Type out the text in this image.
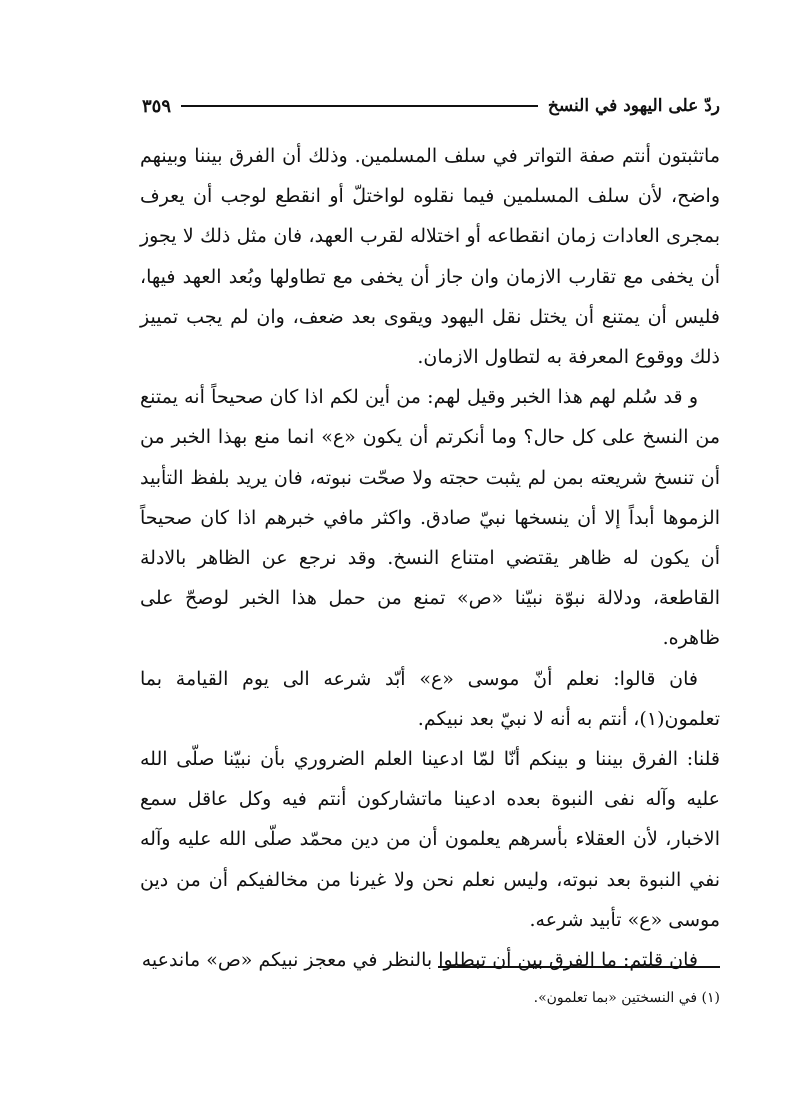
ردّ على اليهود في النسخ
٣٥٩

ماتثبتون أنتم صفة التواتر في سلف المسلمين. وذلك أن الفرق بيننا وبينهم واضح، لأن سلف المسلمين فيما نقلوه لواختلّ أو انقطع لوجب أن يعرف بمجرى العادات زمان انقطاعه أو اختلاله لقرب العهد، فان مثل ذلك لا يجوز أن يخفى مع تقارب الازمان وان جاز أن يخفى مع تطاولها وبُعد العهد فيها، فليس أن يمتنع أن يختل نقل اليهود ويقوى بعد ضعف، وان لم يجب تمييز ذلك ووقوع المعرفة به لتطاول الازمان.

و قد سُلم لهم هذا الخبر وقيل لهم: من أين لكم اذا كان صحيحاً أنه يمتنع من النسخ على كل حال؟ وما أنكرتم أن يكون «ع» انما منع بهذا الخبر من أن تنسخ شريعته بمن لم يثبت حجته ولا صحّت نبوته، فان يريد بلفظ التأبيد الزموها أبداً إلا أن ينسخها نبيّ صادق. واكثر مافي خبرهم اذا كان صحيحاً أن يكون له ظاهر يقتضي امتناع النسخ. وقد نرجع عن الظاهر بالادلة القاطعة، ودلالة نبوّة نبيّنا «ص» تمنع من حمل هذا الخبر لوصحّ على ظاهره.

فان قالوا: نعلم أنّ موسى «ع» أبّد شرعه الى يوم القيامة بما تعلمون(١)، أنتم به أنه لا نبيّ بعد نبيكم.

قلنا: الفرق بيننا و بينكم أنّا لمّا ادعينا العلم الضروري بأن نبيّنا صلّى الله عليه وآله نفى النبوة بعده ادعينا ماتشاركون أنتم فيه وكل عاقل سمع الاخبار، لأن العقلاء بأسرهم يعلمون أن من دين محمّد صلّى الله عليه وآله نفي النبوة بعد نبوته، وليس نعلم نحن ولا غيرنا من مخالفيكم أن من دين موسى «ع» تأبيد شرعه.

فان قلتم: ما الفرق بين أن تبطلوا بالنظر في معجز نبيكم «ص» ماندعيه

(١) في النسختين «بما تعلمون».
